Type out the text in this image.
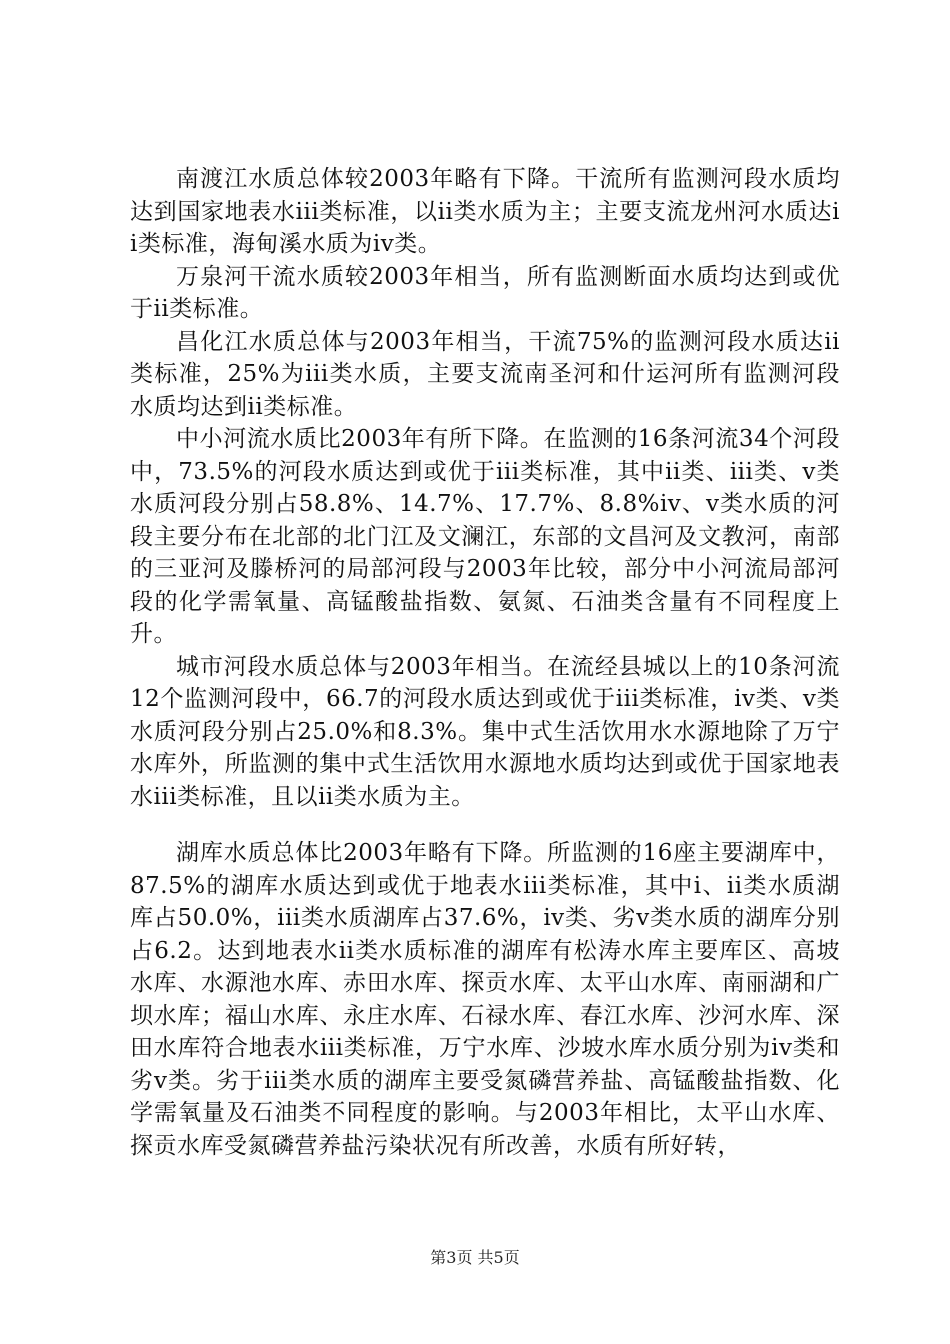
南渡江水质总体较2003年略有下降。干流所有监测河段水质均达到国家地表水iii类标准，以ii类水质为主；主要支流龙州河水质达ii类标准，海甸溪水质为iv类。

万泉河干流水质较2003年相当，所有监测断面水质均达到或优于ii类标准。

昌化江水质总体与2003年相当，干流75%的监测河段水质达ii类标准，25%为iii类水质，主要支流南圣河和什运河所有监测河段水质均达到ii类标准。

中小河流水质比2003年有所下降。在监测的16条河流34个河段中，73.5%的河段水质达到或优于iii类标准，其中ii类、iii类、v类水质河段分别占58.8%、14.7%、17.7%、8.8%iv、v类水质的河段主要分布在北部的北门江及文澜江，东部的文昌河及文教河，南部的三亚河及滕桥河的局部河段与2003年比较，部分中小河流局部河段的化学需氧量、高锰酸盐指数、氨氮、石油类含量有不同程度上升。

城市河段水质总体与2003年相当。在流经县城以上的10条河流12个监测河段中，66.7的河段水质达到或优于iii类标准，iv类、v类水质河段分别占25.0%和8.3%。集中式生活饮用水水源地除了万宁水库外，所监测的集中式生活饮用水源地水质均达到或优于国家地表水iii类标准，且以ii类水质为主。

湖库水质总体比2003年略有下降。所监测的16座主要湖库中，87.5%的湖库水质达到或优于地表水iii类标准，其中i、ii类水质湖库占50.0%，iii类水质湖库占37.6%，iv类、劣v类水质的湖库分别占6.2。达到地表水ii类水质标准的湖库有松涛水库主要库区、高坡水库、水源池水库、赤田水库、探贡水库、太平山水库、南丽湖和广坝水库；福山水库、永庄水库、石禄水库、春江水库、沙河水库、深田水库符合地表水iii类标准，万宁水库、沙坡水库水质分别为iv类和劣v类。劣于iii类水质的湖库主要受氮磷营养盐、高锰酸盐指数、化学需氧量及石油类不同程度的影响。与2003年相比，太平山水库、探贡水库受氮磷营养盐污染状况有所改善，水质有所好转，

第3页 共5页
